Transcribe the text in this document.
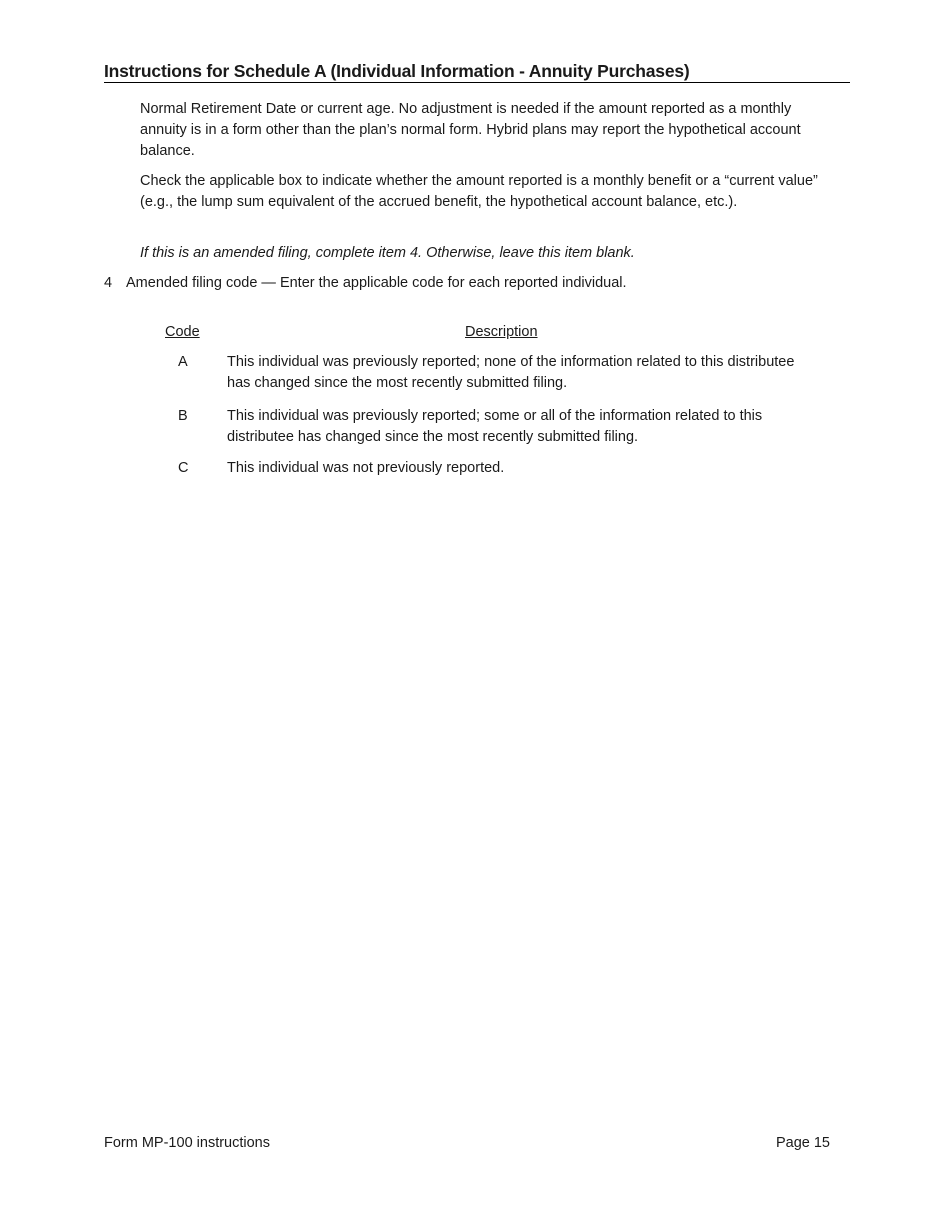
Instructions for Schedule A (Individual Information - Annuity Purchases)

Normal Retirement Date or current age. No adjustment is needed if the amount reported as a monthly annuity is in a form other than the plan’s normal form. Hybrid plans may report the hypothetical account balance.

Check the applicable box to indicate whether the amount reported is a monthly benefit or a “current value” (e.g., the lump sum equivalent of the accrued benefit, the hypothetical account balance, etc.).

If this is an amended filing, complete item 4. Otherwise, leave this item blank.

4 Amended filing code — Enter the applicable code for each reported individual.
Code	Description
A	This individual was previously reported; none of the information related to this distributee has changed since the most recently submitted filing.
B	This individual was previously reported; some or all of the information related to this distributee has changed since the most recently submitted filing.
C	This individual was not previously reported.
Form MP-100 instructions	Page 15
